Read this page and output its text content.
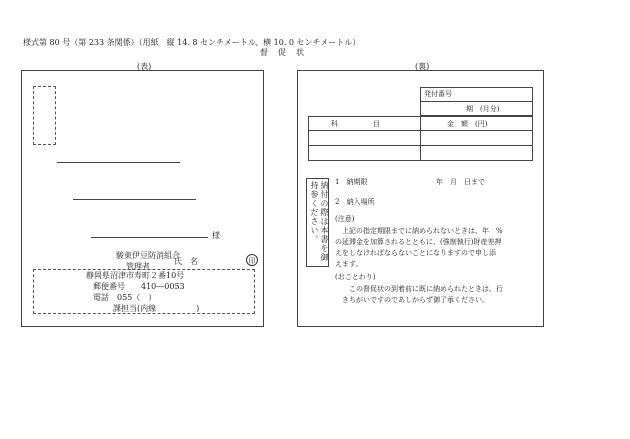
様式第 80 号（第 233 条関係）（用紙　縦 14. 8 センチメートル、横 10. 0 センチメートル）
督　促　状
(表)
様
駿東伊豆防消組合
管理者
氏　名	印
静岡県沼津市寿町２番10号
郵便番号　　410―0053
電話　055（　）
課担当(内線　　　　　)
(裏)
発付番号
期　(月分)
科　　　　　目	金　額　(円)
納付の際は本書を御持参ください。	1　納期限	年　月　日まで
2　納入場所
(注意)
上記の指定期限までに納められないときは、年　%
の延滞金を加算されるとともに、(強制執行)財産差押
えをしなければならないことになりますので申し添
えます。
(おことわり)
この督促状の到着前に既に納められたときは、行
きちがいですのであしからず御了承ください。
